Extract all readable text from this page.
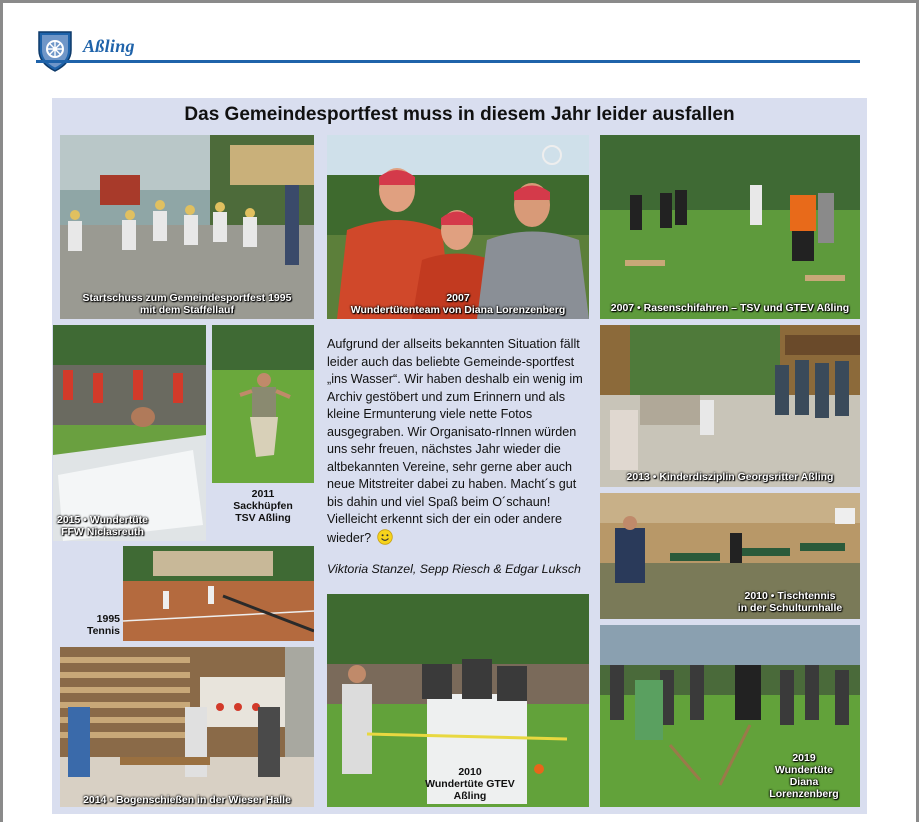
Aßling
Das Gemeindesportfest muss in diesem Jahr leider ausfallen
Startschuss zum Gemeindesportfest 1995
mit dem Staffellauf
2007
Wundertütenteam von Diana Lorenzenberg	2007 • Rasenschifahren – TSV und GTEV Aßling
2015 • Wundertüte
FFW Niclasreuth
2011
Sackhüpfen
TSV Aßling
Aufgrund der allseits bekannten Situation fällt leider auch das beliebte Gemeinde-sportfest „ins Wasser“. Wir haben deshalb ein wenig im Archiv gestöbert und zum Erinnern und als kleine Ermunterung viele nette Fotos ausgegraben. Wir Organisato-rInnen würden uns sehr freuen, nächstes Jahr wieder die altbekannten Vereine, sehr gerne aber auch neue Mitstreiter dabei zu haben. Macht´s gut bis dahin und viel Spaß beim O´schaun! Vielleicht erkennt sich der ein oder andere wieder?
Viktoria Stanzel, Sepp Riesch & Edgar Luksch
2013 • Kinderdisziplin Georgsritter Aßling
2010 • Tischtennis
in der Schulturnhalle
1995
Tennis
2014 • Bogenschießen in der Wieser Halle
2010
Wundertüte GTEV
Aßling
2019
Wundertüte
Diana
Lorenzenberg
